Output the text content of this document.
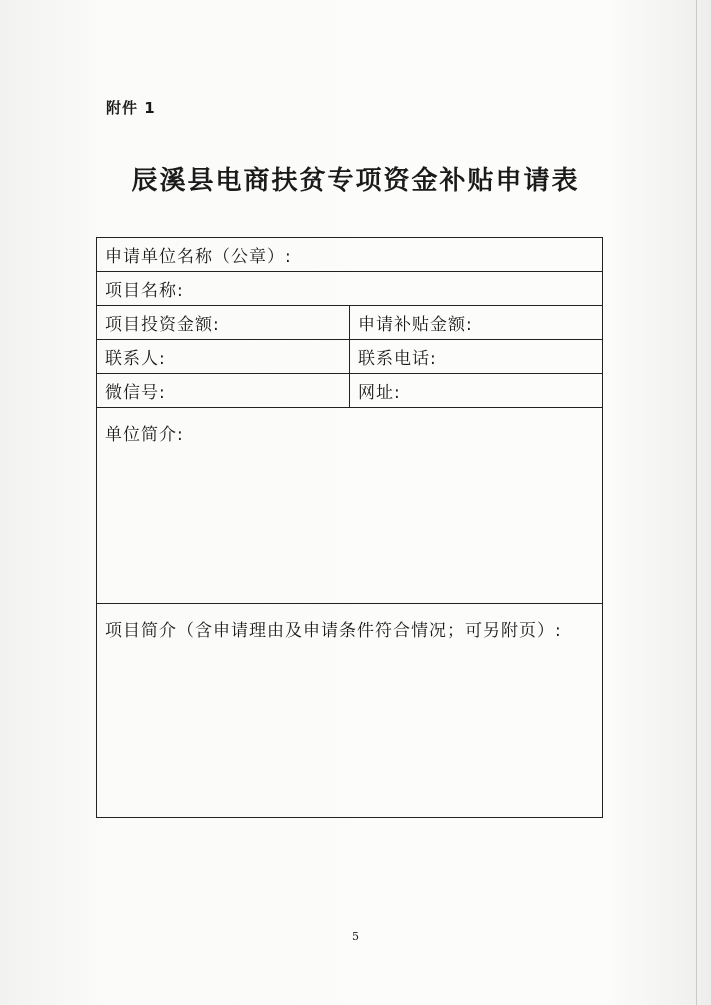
附件 1
辰溪县电商扶贫专项资金补贴申请表
申请单位名称（公章）:	
项目名称:	
项目投资金额:	申请补贴金额:
联系人:	联系电话:
微信号:	网址:
单位简介:	
项目简介（含申请理由及申请条件符合情况；可另附页）:	
5
